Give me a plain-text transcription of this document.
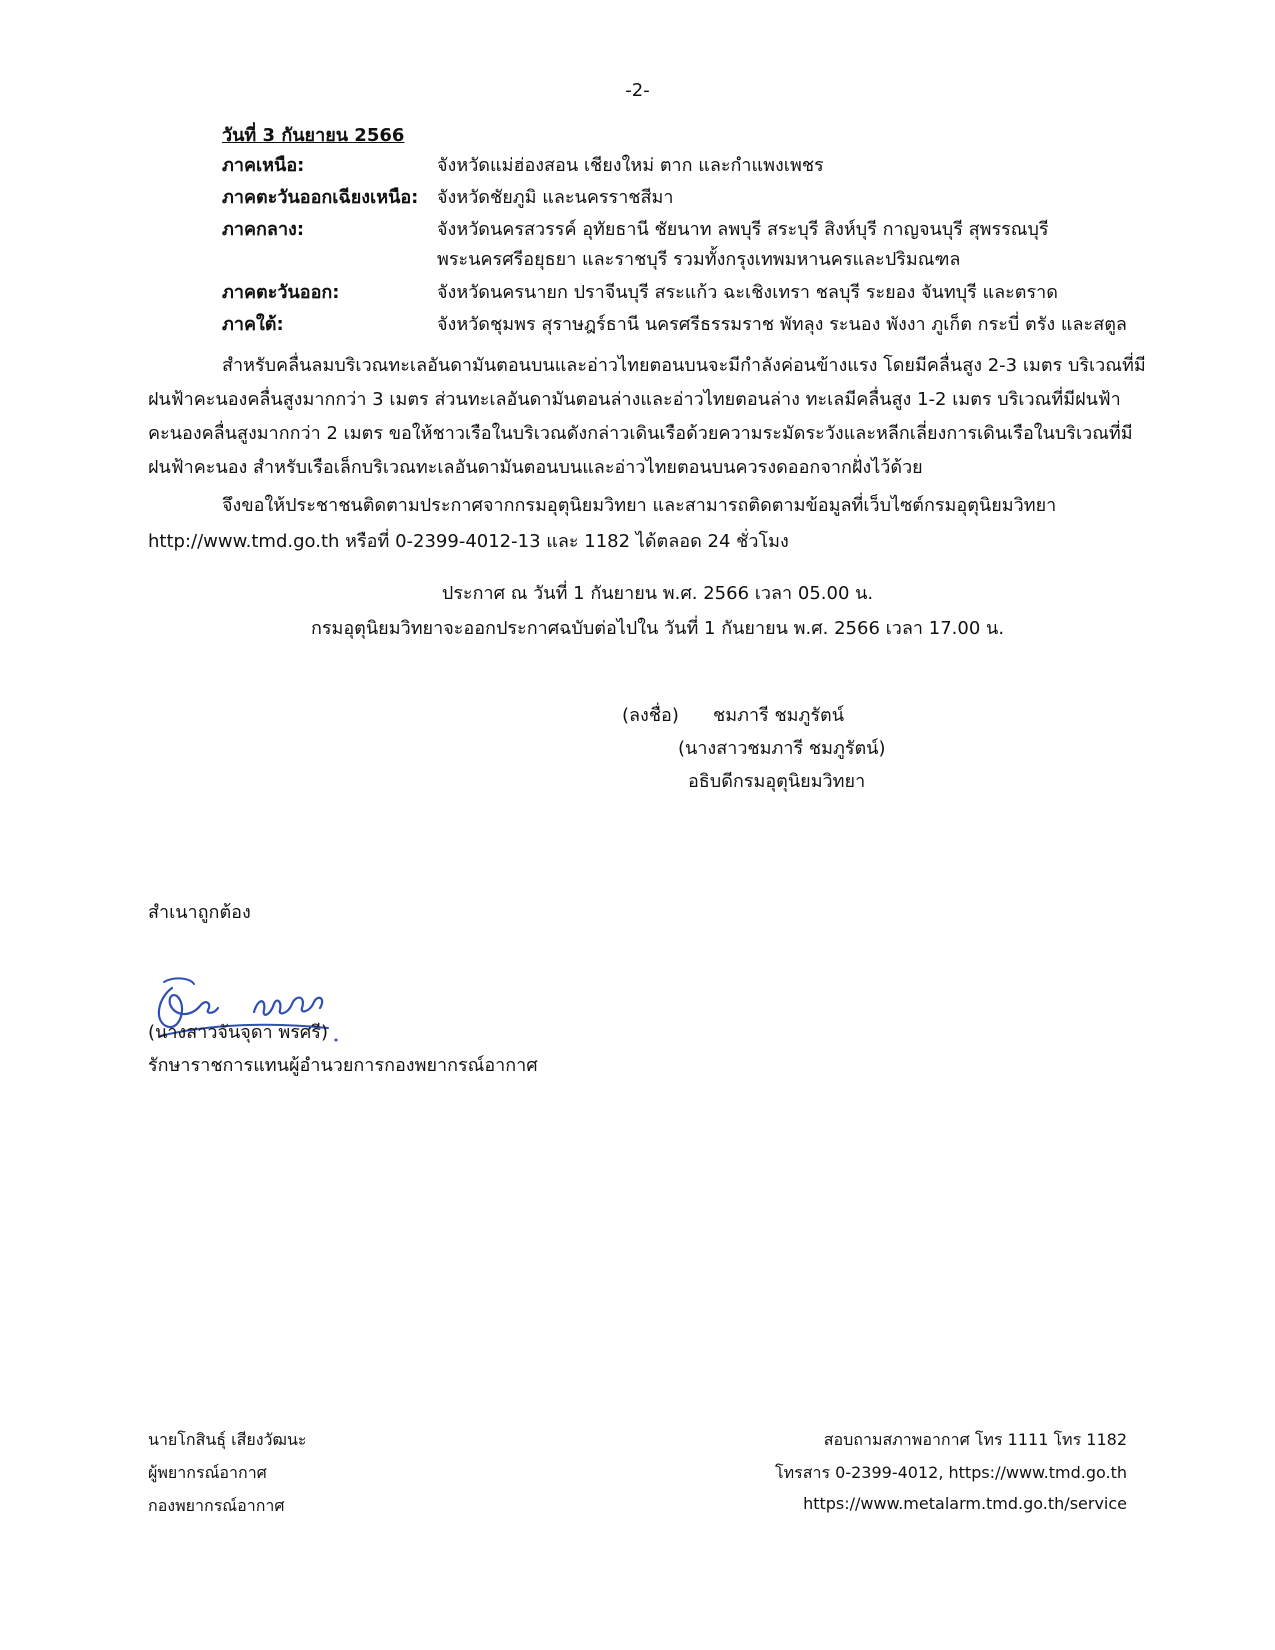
-2-
วันที่ 3 กันยายน 2566
ภาคเหนือ:	จังหวัดแม่ฮ่องสอน เชียงใหม่ ตาก และกำแพงเพชร
ภาคตะวันออกเฉียงเหนือ: จังหวัดชัยภูมิ และนครราชสีมา
ภาคกลาง:	จังหวัดนครสวรรค์ อุทัยธานี ชัยนาท ลพบุรี สระบุรี สิงห์บุรี กาญจนบุรี สุพรรณบุรี
พระนครศรีอยุธยา และราชบุรี รวมทั้งกรุงเทพมหานครและปริมณฑล
ภาคตะวันออก:	จังหวัดนครนายก ปราจีนบุรี สระแก้ว ฉะเชิงเทรา ชลบุรี ระยอง จันทบุรี และตราด
ภาคใต้:	จังหวัดชุมพร สุราษฎร์ธานี นครศรีธรรมราช พัทลุง ระนอง พังงา ภูเก็ต กระบี่ ตรัง และสตูล
สำหรับคลื่นลมบริเวณทะเลอันดามันตอนบนและอ่าวไทยตอนบนจะมีกำลังค่อนข้างแรง โดยมีคลื่นสูง 2-3 เมตร บริเวณที่มี
ฝนฟ้าคะนองคลื่นสูงมากกว่า 3 เมตร ส่วนทะเลอันดามันตอนล่างและอ่าวไทยตอนล่าง ทะเลมีคลื่นสูง 1-2 เมตร บริเวณที่มีฝนฟ้า
คะนองคลื่นสูงมากกว่า 2 เมตร ขอให้ชาวเรือในบริเวณดังกล่าวเดินเรือด้วยความระมัดระวังและหลีกเลี่ยงการเดินเรือในบริเวณที่มี
ฝนฟ้าคะนอง สำหรับเรือเล็กบริเวณทะเลอันดามันตอนบนและอ่าวไทยตอนบนควรงดออกจากฝั่งไว้ด้วย
จึงขอให้ประชาชนติดตามประกาศจากกรมอุตุนิยมวิทยา และสามารถติดตามข้อมูลที่เว็บไซต์กรมอุตุนิยมวิทยา
http://www.tmd.go.th หรือที่ 0-2399-4012-13 และ 1182 ได้ตลอด 24 ชั่วโมง
ประกาศ ณ วันที่ 1 กันยายน พ.ศ. 2566 เวลา 05.00 น.
กรมอุตุนิยมวิทยาจะออกประกาศฉบับต่อไปใน วันที่ 1 กันยายน พ.ศ. 2566 เวลา 17.00 น.
(ลงชื่อ) ชมภารี ชมภูรัตน์
(นางสาวชมภารี ชมภูรัตน์)
อธิบดีกรมอุตุนิยมวิทยา
สำเนาถูกต้อง
(นางสาวจันจุดา พรศรี)
รักษาราชการแทนผู้อำนวยการกองพยากรณ์อากาศ
นายโกสินธุ์ เสียงวัฒนะ
ผู้พยากรณ์อากาศ
กองพยากรณ์อากาศ
สอบถามสภาพอากาศ โทร 1111 โทร 1182
โทรสาร 0-2399-4012, https://www.tmd.go.th
https://www.metalarm.tmd.go.th/service
